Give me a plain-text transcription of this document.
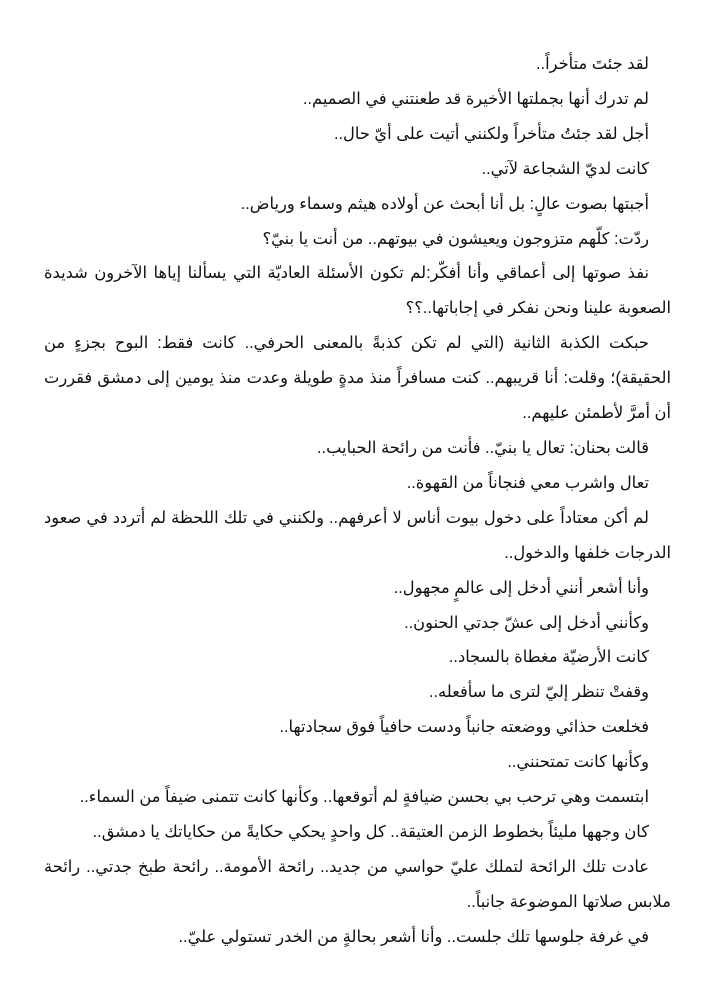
لقد جئتَ متأخراً..

لم تدرك أنها بجملتها الأخيرة قد طعنتني في الصميم..

أجل لقد جئتُ متأخراً ولكنني أتيت على أيّ حال..

كانت لديّ الشجاعة لآتي..

أجبتها بصوت عالٍ: بل أنا أبحث عن أولاده هيثم وسماء ورياض..

ردّت: كلّهم متزوجون ويعيشون في بيوتهم.. من أنت يا بنيّ؟

نفذ صوتها إلى أعماقي وأنا أفكّر:لم تكون الأسئلة العاديّة التي يسألنا إياها الآخرون شديدة الصعوبة علينا ونحن نفكر في إجاباتها..؟؟

حبكت الكذبة الثانية (التي لم تكن كذبةً بالمعنى الحرفي.. كانت فقط: البوح بجزءٍ من الحقيقة)؛ وقلت: أنا قريبهم.. كنت مسافراً منذ مدةٍ طويلة وعدت منذ يومين إلى دمشق فقررت أن أمرَّ لأطمئن عليهم..

قالت بحنان: تعال يا بنيّ.. فأنت من رائحة الحبايب..

تعال واشرب معي فنجاناً من القهوة..

لم أكن معتاداً على دخول بيوت أناس لا أعرفهم.. ولكنني في تلك اللحظة لم أتردد في صعود الدرجات خلفها والدخول..

وأنا أشعر أنني أدخل إلى عالمٍ مجهول..

وكأنني أدخل إلى عشّ جدتي الحنون..

كانت الأرضيّة مغطاة بالسجاد..

وقفتْ تنظر إليّ لترى ما سأفعله..

فخلعت حذائي ووضعته جانباً ودست حافياً فوق سجادتها..

وكأنها كانت تمتحنني..

ابتسمت وهي ترحب بي بحسن ضيافةٍ لم أتوقعها.. وكأنها كانت تتمنى ضيفاً من السماء..

كان وجهها مليئاً بخطوط الزمن العتيقة.. كل واحدٍ يحكي حكايةً من حكاياتك يا دمشق..

عادت تلك الرائحة لتملك عليّ حواسي من جديد.. رائحة الأمومة.. رائحة طبخ جدتي.. رائحة ملابس صلاتها الموضوعة جانباً..

في غرفة جلوسها تلك جلست.. وأنا أشعر بحالةٍ من الخدر تستولي عليّ..
